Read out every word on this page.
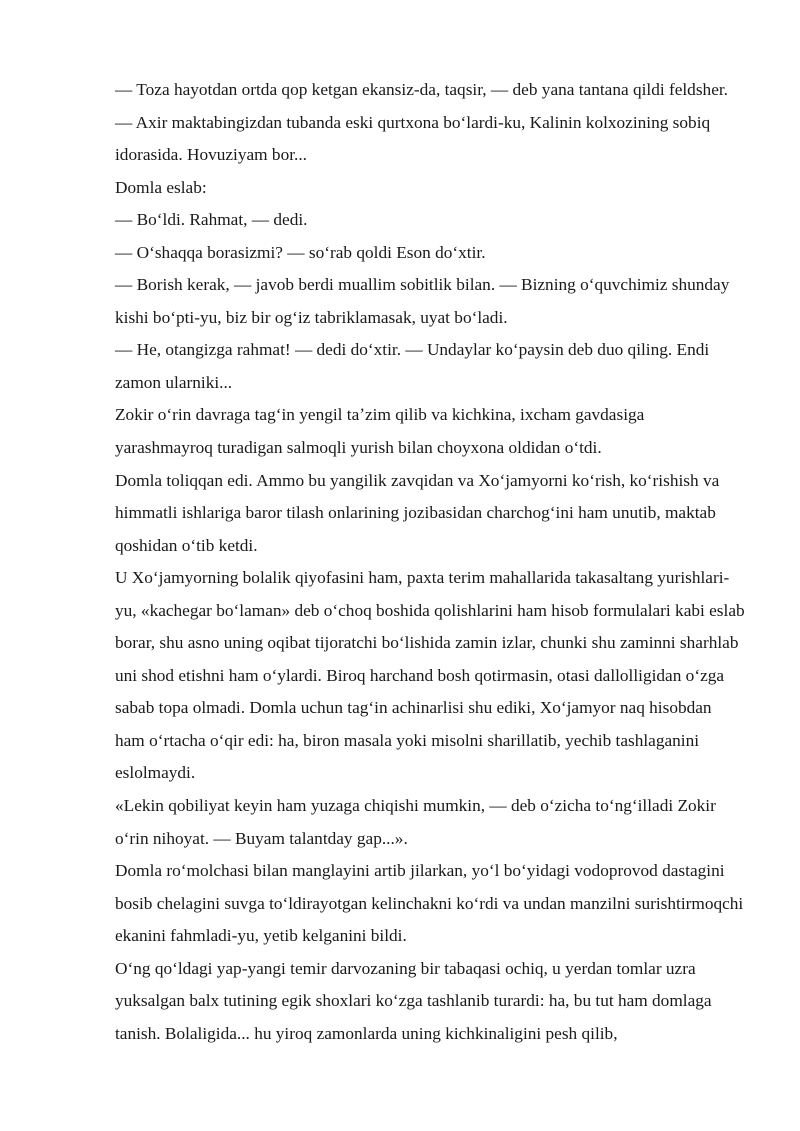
— Toza hayotdan ortda qop ketgan ekansiz-da, taqsir, — deb yana tantana qildi feldsher. — Axir maktabingizdan tubanda eski qurtxona boʻlardi-ku, Kalinin kolxozining sobiq idorasida. Hovuziyam bor...

Domla eslab:

— Boʻldi. Rahmat, — dedi.

— Oʻshaqqa borasizmi? — soʻrab qoldi Eson doʻxtir.

— Borish kerak, — javob berdi muallim sobitlik bilan. — Bizning oʻquvchimiz shunday kishi boʻpti-yu, biz bir ogʻiz tabriklamasak, uyat boʻladi.

— He, otangizga rahmat! — dedi doʻxtir. — Undaylar koʻpaysin deb duo qiling. Endi zamon ularniki...

Zokir oʻrin davraga tagʻin yengil taʼzim qilib va kichkina, ixcham gavdasiga yarashmayroq turadigan salmoqli yurish bilan choyxona oldidan oʻtdi.

Domla toliqqan edi. Ammo bu yangilik zavqidan va Xoʻjamyorni koʻrish, koʻrishish va himmatli ishlariga baror tilash onlarining jozibasidan charchogʻini ham unutib, maktab qoshidan oʻtib ketdi.

U Xoʻjamyorning bolalik qiyofasini ham, paxta terim mahallarida takasaltang yurishlari-yu, «kachegar boʻlaman» deb oʻchoq boshida qolishlarini ham hisob formulalari kabi eslab borar, shu asno uning oqibat tijoratchi boʻlishida zamin izlar, chunki shu zaminni sharhlab uni shod etishni ham oʻylardi. Biroq harchand bosh qotirmasin, otasi dallolligidan oʻzga sabab topa olmadi. Domla uchun tagʻin achinarlisi shu ediki, Xoʻjamyor naq hisobdan ham oʻrtacha oʻqir edi: ha, biron masala yoki misolni sharillatib, yechib tashlaganini eslolmaydi.

«Lekin qobiliyat keyin ham yuzaga chiqishi mumkin, — deb oʻzicha toʻngʻilladi Zokir oʻrin nihoyat. — Buyam talantday gap...».

Domla roʻmolchasi bilan manglayini artib jilarkan, yoʻl boʻyidagi vodoprovod dastagini bosib chelagini suvga toʻldirayotgan kelinchakni koʻrdi va undan manzilni surishtirmoqchi ekanini fahmladi-yu, yetib kelganini bildi.

Oʻng qoʻldagi yap-yangi temir darvozaning bir tabaqasi ochiq, u yerdan tomlar uzra yuksalgan balx tutining egik shoxlari koʻzga tashlanib turardi: ha, bu tut ham domlaga tanish. Bolaligida... hu yiroq zamonlarda uning kichkinaligini pesh qilib,
